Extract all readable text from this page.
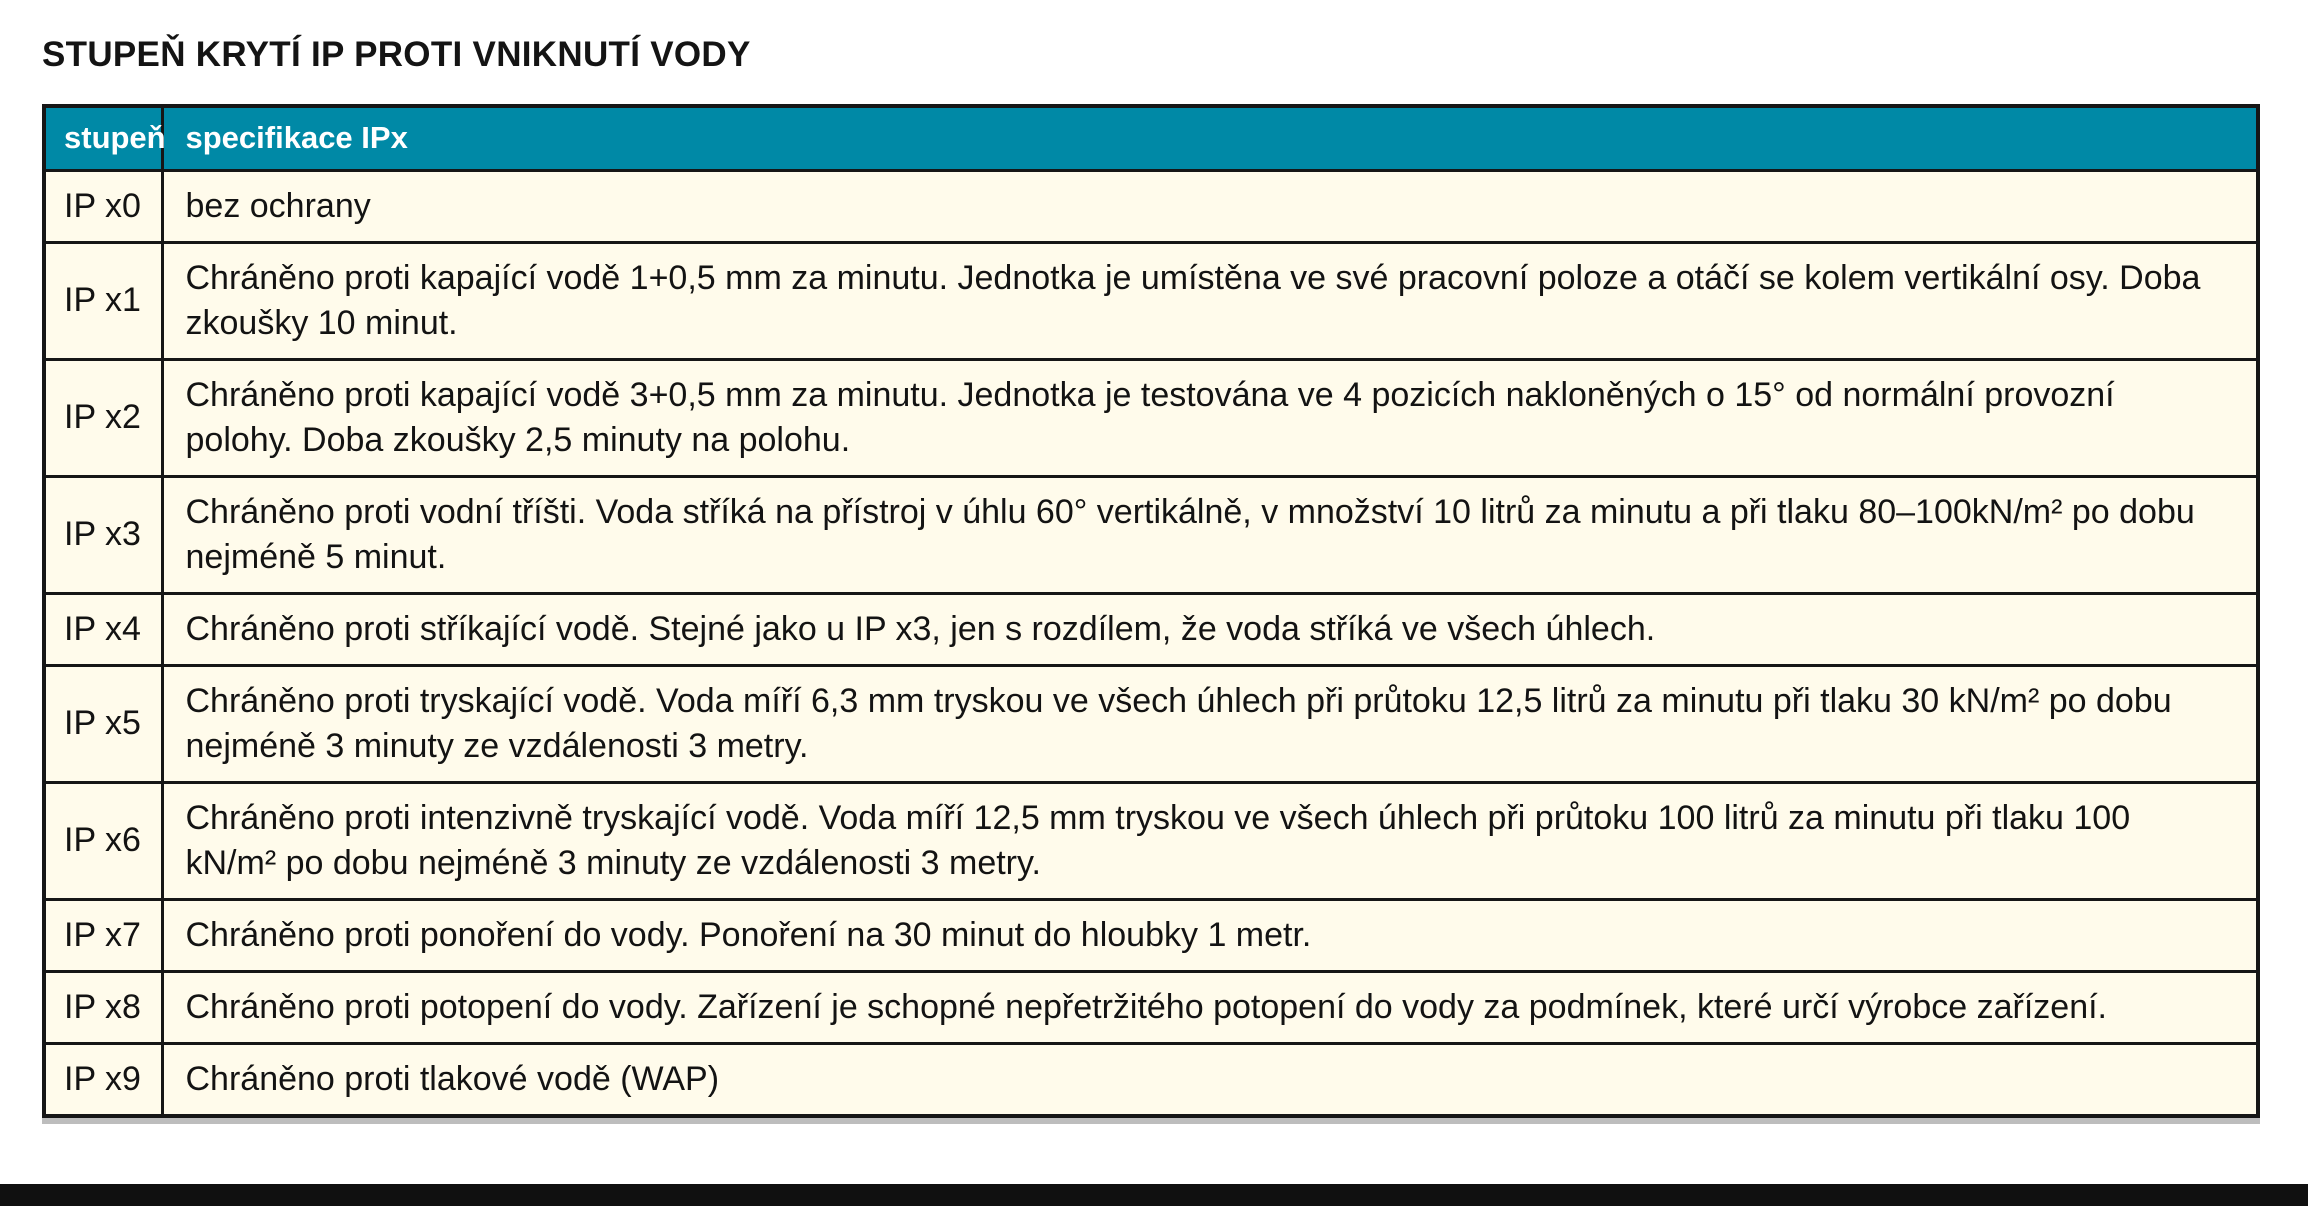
STUPEŇ KRYTÍ IP PROTI VNIKNUTÍ VODY
stupeň	specifikace IPx
IP x0	bez ochrany
IP x1	Chráněno proti kapající vodě 1+0,5 mm za minutu. Jednotka je umístěna ve své pracovní poloze a otáčí se kolem vertikální osy. Doba zkoušky 10 minut.
IP x2	Chráněno proti kapající vodě 3+0,5 mm za minutu. Jednotka je testována ve 4 pozicích nakloněných o 15° od normální provozní polohy. Doba zkoušky 2,5 minuty na polohu.
IP x3	Chráněno proti vodní tříšti. Voda stříká na přístroj v úhlu 60° vertikálně, v množství 10 litrů za minutu a při tlaku 80–100kN/m² po dobu nejméně 5 minut.
IP x4	Chráněno proti stříkající vodě. Stejné jako u IP x3, jen s rozdílem, že voda stříká ve všech úhlech.
IP x5	Chráněno proti tryskající vodě. Voda míří 6,3 mm tryskou ve všech úhlech při průtoku 12,5 litrů za minutu při tlaku 30 kN/m² po dobu nejméně 3 minuty ze vzdálenosti 3 metry.
IP x6	Chráněno proti intenzivně tryskající vodě. Voda míří 12,5 mm tryskou ve všech úhlech při průtoku 100 litrů za minutu při tlaku 100 kN/m² po dobu nejméně 3 minuty ze vzdálenosti 3 metry.
IP x7	Chráněno proti ponoření do vody. Ponoření na 30 minut do hloubky 1 metr.
IP x8	Chráněno proti potopení do vody. Zařízení je schopné nepřetržitého potopení do vody za podmínek, které určí výrobce zařízení.
IP x9	Chráněno proti tlakové vodě (WAP)
